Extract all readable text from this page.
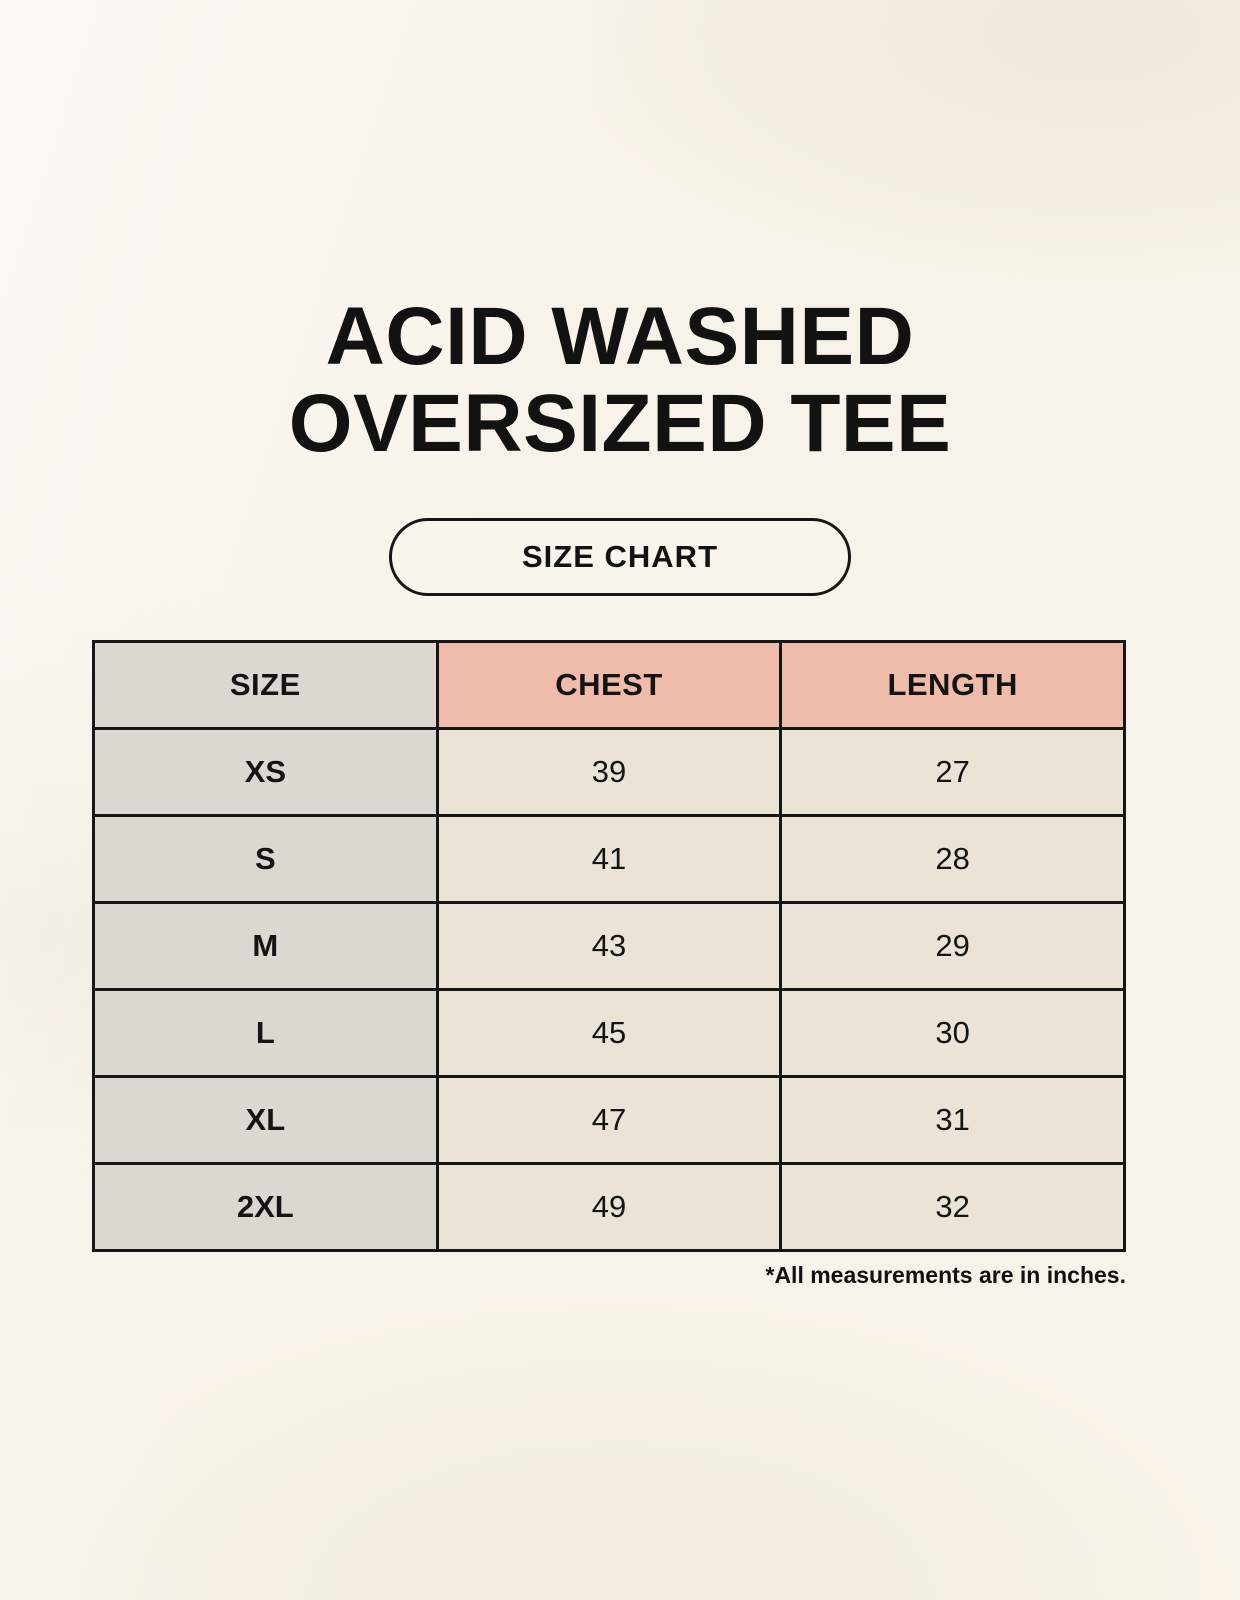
ACID WASHED
OVERSIZED TEE
SIZE CHART
SIZE	CHEST	LENGTH
XS	39	27
S	41	28
M	43	29
L	45	30
XL	47	31
2XL	49	32
*All measurements are in inches.
